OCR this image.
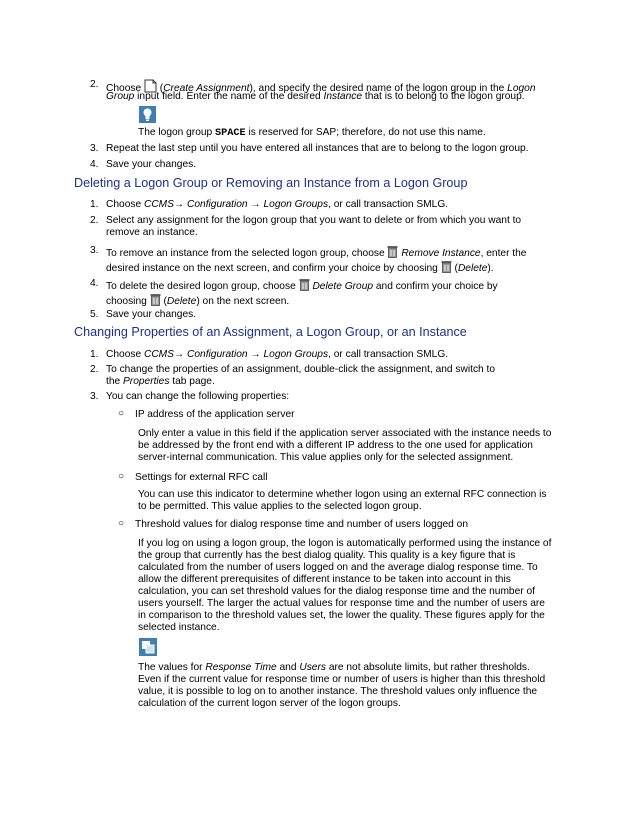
2. Choose  (Create Assignment), and specify the desired name of the logon group in the Logon
Group input field. Enter the name of the desired Instance that is to belong to the logon group.
The logon group SPACE is reserved for SAP; therefore, do not use this name.
3. Repeat the last step until you have entered all instances that are to belong to the logon group.
4. Save your changes.
Deleting a Logon Group or Removing an Instance from a Logon Group
1. Choose CCMS→ Configuration → Logon Groups, or call transaction SMLG.
2. Select any assignment for the logon group that you want to delete or from which you want to
remove an instance.
3. To remove an instance from the selected logon group, choose Remove Instance, enter the
desired instance on the next screen, and confirm your choice by choosing  (Delete).
4. To delete the desired logon group, choose Delete Group and confirm your choice by
choosing  (Delete) on the next screen.
5. Save your changes.
Changing Properties of an Assignment, a Logon Group, or an Instance
1. Choose CCMS→ Configuration → Logon Groups, or call transaction SMLG.
2. To change the properties of an assignment, double-click the assignment, and switch to
the Properties tab page.
3. You can change the following properties:
○ IP address of the application server
Only enter a value in this field if the application server associated with the instance needs to
be addressed by the front end with a different IP address to the one used for application
server-internal communication. This value applies only for the selected assignment.
○ Settings for external RFC call
You can use this indicator to determine whether logon using an external RFC connection is
to be permitted. This value applies to the selected logon group.
○ Threshold values for dialog response time and number of users logged on
If you log on using a logon group, the logon is automatically performed using the instance of
the group that currently has the best dialog quality. This quality is a key figure that is
calculated from the number of users logged on and the average dialog response time. To
allow the different prerequisites of different instance to be taken into account in this
calculation, you can set threshold values for the dialog response time and the number of
users yourself. The larger the actual values for response time and the number of users are
in comparison to the threshold values set, the lower the quality. These figures apply for the
selected instance.
The values for Response Time and Users are not absolute limits, but rather thresholds.
Even if the current value for response time or number of users is higher than this threshold
value, it is possible to log on to another instance. The threshold values only influence the
calculation of the current logon server of the logon groups.
